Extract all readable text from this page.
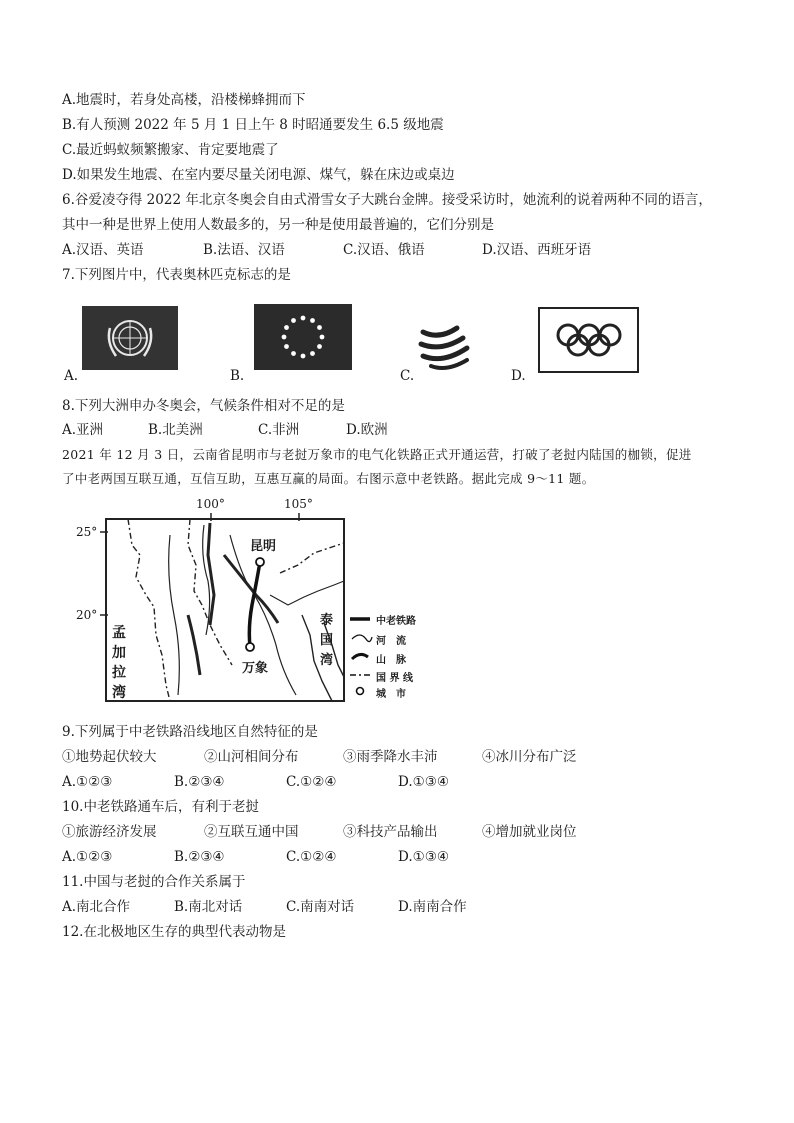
A.地震时，若身处高楼，沿楼梯蜂拥而下
B.有人预测 2022 年 5 月 1 日上午 8 时昭通要发生 6.5 级地震
C.最近蚂蚁频繁搬家、肯定要地震了
D.如果发生地震、在室内要尽量关闭电源、煤气，躲在床边或桌边
6.谷爱凌夺得 2022 年北京冬奥会自由式滑雪女子大跳台金牌。接受采访时，她流利的说着两种不同的语言，
其中一种是世界上使用人数最多的，另一种是使用最普遍的，它们分别是
A.汉语、英语	B.法语、汉语	C.汉语、俄语	D.汉语、西班牙语
7.下列图片中，代表奥林匹克标志的是
A.	B.	C.	D.
8.下列大洲申办冬奥会，气候条件相对不足的是
A.亚洲	B.北美洲	C.非洲	D.欧洲
2021 年 12 月 3 日，云南省昆明市与老挝万象市的电气化铁路正式开通运营，打破了老挝内陆国的枷锁，促进
了中老两国互联互通，互信互助，互惠互赢的局面。右图示意中老铁路。据此完成 9～11 题。
100°	105°
25°
20°
昆明
万象
孟
加
拉
湾
泰
国
湾
中老铁路
河　流
山　脉
国 界 线
城　市
9.下列属于中老铁路沿线地区自然特征的是
①地势起伏较大	②山河相间分布	③雨季降水丰沛	④冰川分布广泛
A.①②③	B.②③④	C.①②④	D.①③④
10.中老铁路通车后，有利于老挝
①旅游经济发展	②互联互通中国	③科技产品输出	④增加就业岗位
A.①②③	B.②③④	C.①②④	D.①③④
11.中国与老挝的合作关系属于
A.南北合作	B.南北对话	C.南南对话	D.南南合作
12.在北极地区生存的典型代表动物是
